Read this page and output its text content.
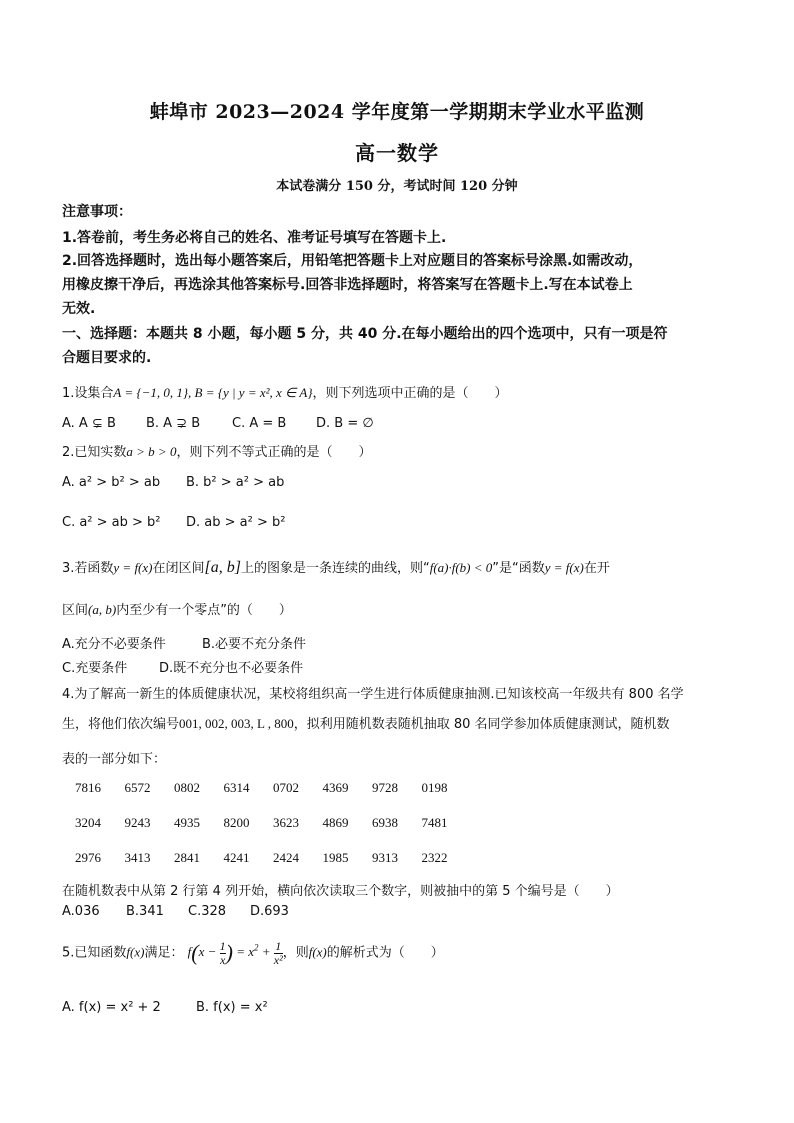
蚌埠市 2023—2024 学年度第一学期期末学业水平监测
高一数学
本试卷满分 150 分，考试时间 120 分钟
注意事项：
1.答卷前，考生务必将自己的姓名、准考证号填写在答题卡上.
2.回答选择题时，选出每小题答案后，用铅笔把答题卡上对应题目的答案标号涂黑.如需改动，
用橡皮擦干净后，再选涂其他答案标号.回答非选择题时，将答案写在答题卡上.写在本试卷上
无效.
一、选择题：本题共 8 小题，每小题 5 分，共 40 分.在每小题给出的四个选项中，只有一项是符
合题目要求的.
1.设集合A = {−1, 0, 1}, B = {y | y = x², x ∈ A}，则下列选项中正确的是（　　）
A. A ⊊ B B. A ⊋ B C. A = B D. B = ∅
2.已知实数a > b > 0，则下列不等式正确的是（　　）
A. a² > b² > ab B. b² > a² > ab
C. a² > ab > b² D. ab > a² > b²
3.若函数y = f(x)在闭区间[a, b]上的图象是一条连续的曲线，则“f(a)·f(b) < 0”是“函数y = f(x)在开
区间(a, b)内至少有一个零点”的（　　）
A.充分不必要条件	B.必要不充分条件
C.充要条件 D.既不充分也不必要条件
4.为了解高一新生的体质健康状况，某校将组织高一学生进行体质健康抽测.已知该校高一年级共有 800 名学
生，将他们依次编号001, 002, 003, L , 800，拟利用随机数表随机抽取 80 名同学参加体质健康测试，随机数
表的一部分如下：
7816 6572 0802 6314 0702 4369 9728 0198
3204 9243 4935 8200 3623 4869 6938 7481
2976 3413 2841 4241 2424 1985 9313 2322
在随机数表中从第 2 行第 4 列开始，横向依次读取三个数字，则被抽中的第 5 个编号是（　　）
A.036 B.341 C.328 D.693
5.已知函数f(x)满足： $f(x - \frac{1}{x}$ ) = $x^2 + \frac{1}{\text{x²}}$ ，则f(x)的解析式为（　　）
A. f(x) = x² + 2	B. f(x) = x²
